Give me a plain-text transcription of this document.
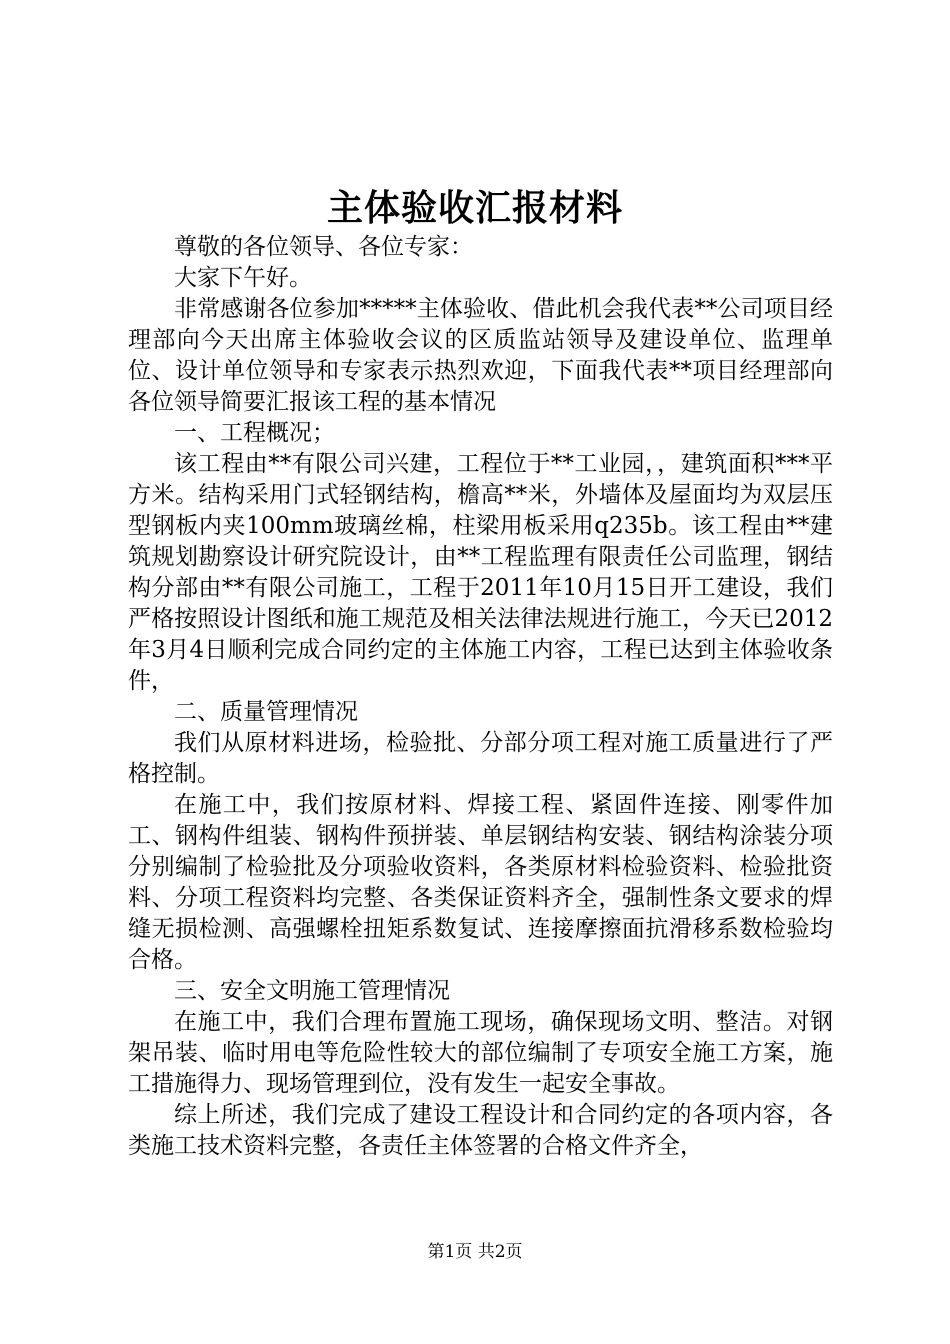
主体验收汇报材料

尊敬的各位领导、各位专家：

大家下午好。

非常感谢各位参加*****主体验收、借此机会我代表**公司项目经理部向今天出席主体验收会议的区质监站领导及建设单位、监理单位、设计单位领导和专家表示热烈欢迎，下面我代表**项目经理部向各位领导简要汇报该工程的基本情况

一、工程概况；

该工程由**有限公司兴建，工程位于**工业园，，建筑面积***平方米。结构采用门式轻钢结构，檐高**米，外墙体及屋面均为双层压型钢板内夹100mm玻璃丝棉，柱梁用板采用q235b。该工程由**建筑规划勘察设计研究院设计，由**工程监理有限责任公司监理，钢结构分部由**有限公司施工，工程于2011年10月15日开工建设，我们严格按照设计图纸和施工规范及相关法律法规进行施工，今天已2012年3月4日顺利完成合同约定的主体施工内容，工程已达到主体验收条件，

二、质量管理情况

我们从原材料进场，检验批、分部分项工程对施工质量进行了严格控制。

在施工中，我们按原材料、焊接工程、紧固件连接、刚零件加工、钢构件组装、钢构件预拼装、单层钢结构安装、钢结构涂装分项分别编制了检验批及分项验收资料，各类原材料检验资料、检验批资料、分项工程资料均完整、各类保证资料齐全，强制性条文要求的焊缝无损检测、高强螺栓扭矩系数复试、连接摩擦面抗滑移系数检验均合格。

三、安全文明施工管理情况

在施工中，我们合理布置施工现场，确保现场文明、整洁。对钢架吊装、临时用电等危险性较大的部位编制了专项安全施工方案，施工措施得力、现场管理到位，没有发生一起安全事故。

综上所述，我们完成了建设工程设计和合同约定的各项内容，各类施工技术资料完整，各责任主体签署的合格文件齐全，

第1页 共2页
